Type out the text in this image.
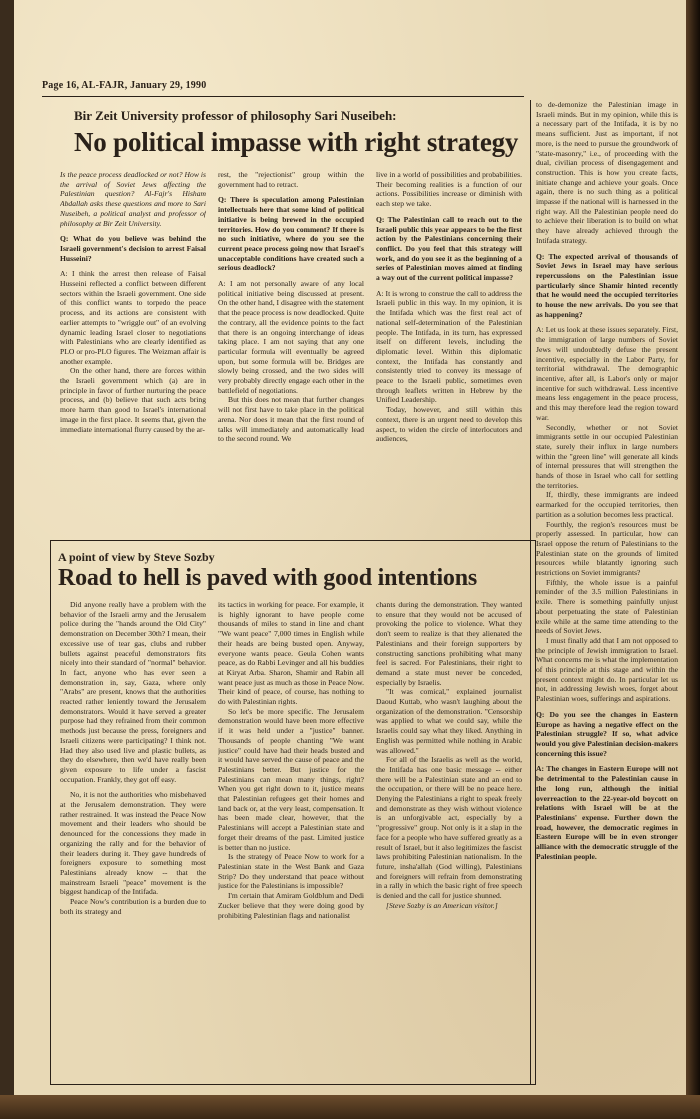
Page 16, AL-FAJR, January 29, 1990
Bir Zeit University professor of philosophy Sari Nuseibeh:
No political impasse with right strategy

Is the peace process deadlocked or not? How is the arrival of Soviet Jews affecting the Palestinian question? Al-Fajr's Hisham Abdallah asks these questions and more to Sari Nuseibeh, a political analyst and professor of philosophy at Bir Zeit University.

Q: What do you believe was behind the Israeli government's decision to arrest Faisal Husseini?

A: I think the arrest then release of Faisal Husseini reflected a conflict between different sectors within the Israeli government. One side of this conflict wants to torpedo the peace process, and its actions are consistent with earlier attempts to "wriggle out" of an evolving dynamic leading Israel closer to negotiations with Palestinians who are clearly identified as PLO or pro-PLO figures. The Weizman affair is another example.

On the other hand, there are forces within the Israeli government which (a) are in principle in favor of further nurturing the peace process, and (b) believe that such acts bring more harm than good to Israel's international image in the first place. It seems that, given the immediate international flurry caused by the ar-

rest, the "rejectionist" group within the government had to retract.

Q: There is speculation among Palestinian intellectuals here that some kind of political initiative is being brewed in the occupied territories. How do you comment? If there is no such initiative, where do you see the current peace process going now that Israel's unacceptable conditions have created such a serious deadlock?

A: I am not personally aware of any local political initiative being discussed at present. On the other hand, I disagree with the statement that the peace process is now deadlocked. Quite the contrary, all the evidence points to the fact that there is an ongoing interchange of ideas taking place. I am not saying that any one particular formula will eventually be agreed upon, but some formula will be. Bridges are slowly being crossed, and the two sides will very probably directly engage each other in the battlefield of negotiations.

But this does not mean that further changes will not first have to take place in the political arena. Nor does it mean that the first round of talks will immediately and automatically lead to the second round. We

live in a world of possibilities and probabilities. Their becoming realities is a function of our actions. Possibilities increase or diminish with each step we take.

Q: The Palestinian call to reach out to the Israeli public this year appears to be the first action by the Palestinians concerning their conflict. Do you feel that this strategy will work, and do you see it as the beginning of a series of Palestinian moves aimed at finding a way out of the current political impasse?

A: It is wrong to construe the call to address the Israeli public in this way. In my opinion, it is the Intifada which was the first real act of national self-determination of the Palestinian people. The Intifada, in its turn, has expressed itself on different levels, including the diplomatic level. Within this diplomatic context, the Intifada has constantly and consistently tried to convey its message of peace to the Israeli public, sometimes even through leaflets written in Hebrew by the Unified Leadership.

Today, however, and still within this context, there is an urgent need to develop this aspect, to widen the circle of interlocutors and audiences,

to de-demonize the Palestinian image in Israeli minds. But in my opinion, while this is a necessary part of the Intifada, it is by no means sufficient. Just as important, if not more, is the need to pursue the groundwork of "state-masonry," i.e., of proceeding with the dual, civilian process of disengagement and construction. This is how you create facts, initiate change and achieve your goals. Once again, there is no such thing as a political impasse if the national will is harnessed in the right way. All the Palestinian people need do to achieve their liberation is to build on what they have already achieved through the Intifada strategy.

Q: The expected arrival of thousands of Soviet Jews in Israel may have serious repercussions on the Palestinian issue particularly since Shamir hinted recently that he would need the occupied territories to house the new arrivals. Do you see that as happening?

A: Let us look at these issues separately. First, the immigration of large numbers of Soviet Jews will undoubtedly defuse the present incentive, especially in the Labor Party, for territorial withdrawal. The demographic incentive, after all, is Labor's only or major incentive for such withdrawal. Less incentive means less engagement in the peace process, and this may therefore lead the region toward war.

Secondly, whether or not Soviet immigrants settle in our occupied Palestinian state, surely their influx in large numbers within the "green line" will generate all kinds of internal pressures that will strengthen the hands of those in Israel who call for settling the territories.

If, thirdly, these immigrants are indeed earmarked for the occupied territories, then partition as a solution becomes less practical.

Fourthly, the region's resources must be properly assessed. In particular, how can Israel oppose the return of Palestinians to the Palestinian state on the grounds of limited resources while blatantly ignoring such restrictions on Soviet immigrants?

Fifthly, the whole issue is a painful reminder of the 3.5 million Palestinians in exile. There is something painfully unjust about perpetuating the state of Palestinian exile while at the same time attending to the needs of Soviet Jews.

I must finally add that I am not opposed to the principle of Jewish immigration to Israel. What concerns me is what the implementation of this principle at this stage and within the present context might do. In particular let us not, in addressing Jewish woes, forget about Palestinian woes, sufferings and aspirations.

Q: Do you see the changes in Eastern Europe as having a negative effect on the Palestinian struggle? If so, what advice would you give Palestinian decision-makers concerning this issue?

A: The changes in Eastern Europe will not be detrimental to the Palestinian cause in the long run, although the initial overreaction to the 22-year-old boycott on relations with Israel will be at the Palestinians' expense. Further down the road, however, the democratic regimes in Eastern Europe will be in even stronger alliance with the democratic struggle of the Palestinian people.

A point of view by Steve Sozby
Road to hell is paved with good intentions

Did anyone really have a problem with the behavior of the Israeli army and the Jerusalem police during the "hands around the Old City" demonstration on December 30th? I mean, their excessive use of tear gas, clubs and rubber bullets against peaceful demonstrators fits nicely into their standard of "normal" behavior. In fact, anyone who has ever seen a demonstration in, say, Gaza, where only "Arabs" are present, knows that the authorities reacted rather leniently toward the Jerusalem demonstrators. Would it have served a greater purpose had they refrained from their common methods just because the press, foreigners and Israeli citizens were participating? I think not. Had they also used live and plastic bullets, as they do elsewhere, then we'd have really been given exposure to life under a fascist occupation. Frankly, they got off easy.

No, it is not the authorities who misbehaved at the Jerusalem demonstration. They were rather restrained. It was instead the Peace Now movement and their leaders who should be denounced for the concessions they made in organizing the rally and for the behavior of their leaders during it. They gave hundreds of foreigners exposure to something most Palestinians already know -- that the mainstream Israeli "peace" movement is the biggest handicap of the Intifada.

Peace Now's contribution is a burden due to both its strategy and

its tactics in working for peace. For example, it is highly ignorant to have people come thousands of miles to stand in line and chant "We want peace" 7,000 times in English while their heads are being busted open. Anyway, everyone wants peace. Geula Cohen wants peace, as do Rabbi Levinger and all his buddies at Kiryat Arba. Sharon, Shamir and Rabin all want peace just as much as those in Peace Now. Their kind of peace, of course, has nothing to do with Palestinian rights.

So let's be more specific. The Jerusalem demonstration would have been more effective if it was held under a "justice" banner. Thousands of people chanting "We want justice" could have had their heads busted and it would have served the cause of peace and the Palestinians better. But justice for the Palestinians can mean many things, right? When you get right down to it, justice means that Palestinian refugees get their homes and land back or, at the very least, compensation. It has been made clear, however, that the Palestinians will accept a Palestinian state and forget their dreams of the past. Limited justice is better than no justice.

Is the strategy of Peace Now to work for a Palestinian state in the West Bank and Gaza Strip? Do they understand that peace without justice for the Palestinians is impossible?

I'm certain that Amiram Goldblum and Dedi Zucker believe that they were doing good by prohibiting Palestinian flags and nationalist

chants during the demonstration. They wanted to ensure that they would not be accused of provoking the police to violence. What they don't seem to realize is that they alienated the Palestinians and their foreign supporters by constructing sanctions prohibiting what many feel is sacred. For Palestinians, their right to demand a state must never be conceded, especially by Israelis.

"It was comical," explained journalist Daoud Kuttab, who wasn't laughing about the organization of the demonstration. "Censorship was applied to what we could say, while the Israelis could say what they liked. Anything in English was permitted while nothing in Arabic was allowed."

For all of the Israelis as well as the world, the Intifada has one basic message -- either there will be a Palestinian state and an end to the occupation, or there will be no peace here. Denying the Palestinians a right to speak freely and demonstrate as they wish without violence is an unforgivable act, especially by a "progressive" group. Not only is it a slap in the face for a people who have suffered greatly as a result of Israel, but it also legitimizes the fascist laws prohibiting Palestinian nationalism. In the future, insha'allah (God willing), Palestinians and foreigners will refrain from demonstrating in a rally in which the basic right of free speech is denied and the call for justice shunned.

[Steve Sozby is an American visitor.]
